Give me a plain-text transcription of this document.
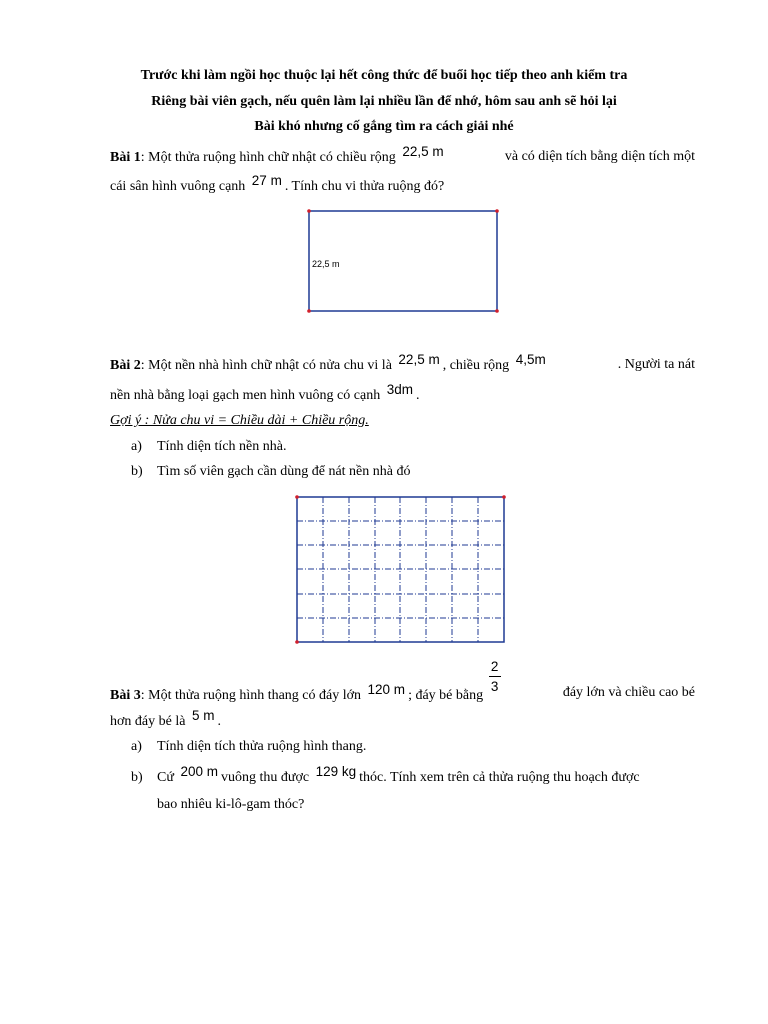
Trước khi làm ngồi học thuộc lại hết công thức để buổi học tiếp theo anh kiểm tra
Riêng bài viên gạch, nếu quên làm lại nhiều lần để nhớ, hôm sau anh sẽ hỏi lại
Bài khó nhưng cố gắng tìm ra cách giải nhé
Bài 1: Một thửa ruộng hình chữ nhật có chiều rộng 22,5 m	và có diện tích bằng diện tích một
cái sân hình vuông cạnh 27 m . Tính chu vi thửa ruộng đó?
22,5 m
Bài 2: Một nền nhà hình chữ nhật có nửa chu vi là 22,5 m , chiều rộng 4,5m	. Người ta nát
nền nhà bằng loại gạch men hình vuông có cạnh 3dm .
Gợi ý : Nửa chu vi = Chiều dài + Chiều rộng.
a) Tính diện tích nền nhà.
b) Tìm số viên gạch cần dùng để nát nền nhà đó
Bài 3: Một thửa ruộng hình thang có đáy lớn 120 m ; đáy bé bằng $\frac{2}{3}$	đáy lớn và chiều cao bé
hơn đáy bé là 5 m .
a) Tính diện tích thửa ruộng hình thang.
b) Cứ 200 m vuông thu được 129 kg thóc. Tính xem trên cả thửa ruộng thu hoạch được
bao nhiêu ki-lô-gam thóc?
